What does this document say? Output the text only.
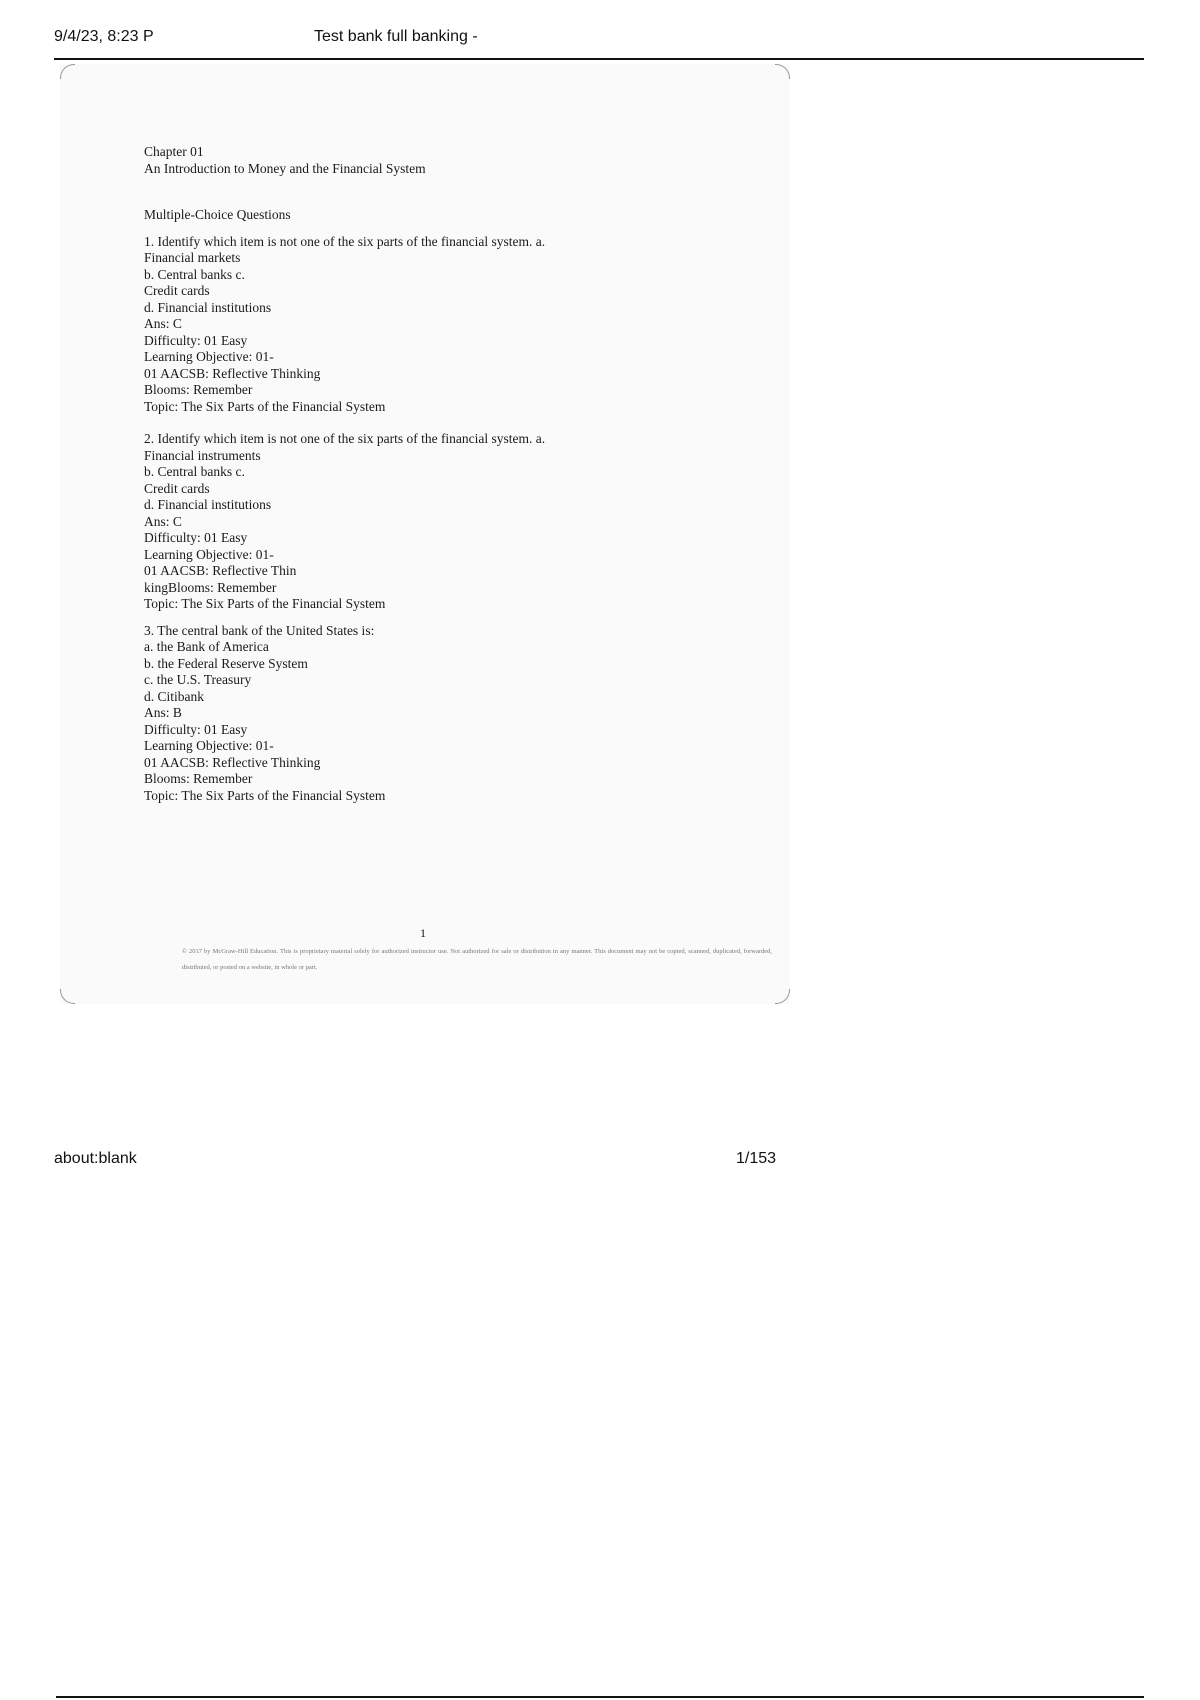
9/4/23, 8:23 P	Test bank full banking -
Chapter 01
An Introduction to Money and the Financial System
Multiple-Choice Questions
1. Identify which item is not one of the six parts of the financial system. a.
Financial markets
b. Central banks c.
Credit cards
d. Financial institutions
Ans: C
Difficulty: 01 Easy
Learning Objective: 01-
01 AACSB: Reflective Thinking
Blooms: Remember
Topic: The Six Parts of the Financial System
2. Identify which item is not one of the six parts of the financial system. a.
Financial instruments
b. Central banks c.
Credit cards
d. Financial institutions
Ans: C
Difficulty: 01 Easy
Learning Objective: 01-
01 AACSB: Reflective Thin
kingBlooms: Remember
Topic: The Six Parts of the Financial System
3. The central bank of the United States is:
a. the Bank of America
b. the Federal Reserve System
c. the U.S. Treasury
d. Citibank
Ans: B
Difficulty: 01 Easy
Learning Objective: 01-
01 AACSB: Reflective Thinking
Blooms: Remember
Topic: The Six Parts of the Financial System
1
© 2017 by McGraw-Hill Education. This is proprietary material solely for authorized instructor use. Not authorized for sale or distribution in any manner. This document may not be copied, scanned, duplicated, forwarded, distributed, or posted on a website, in whole or part.
about:blank	1/153
